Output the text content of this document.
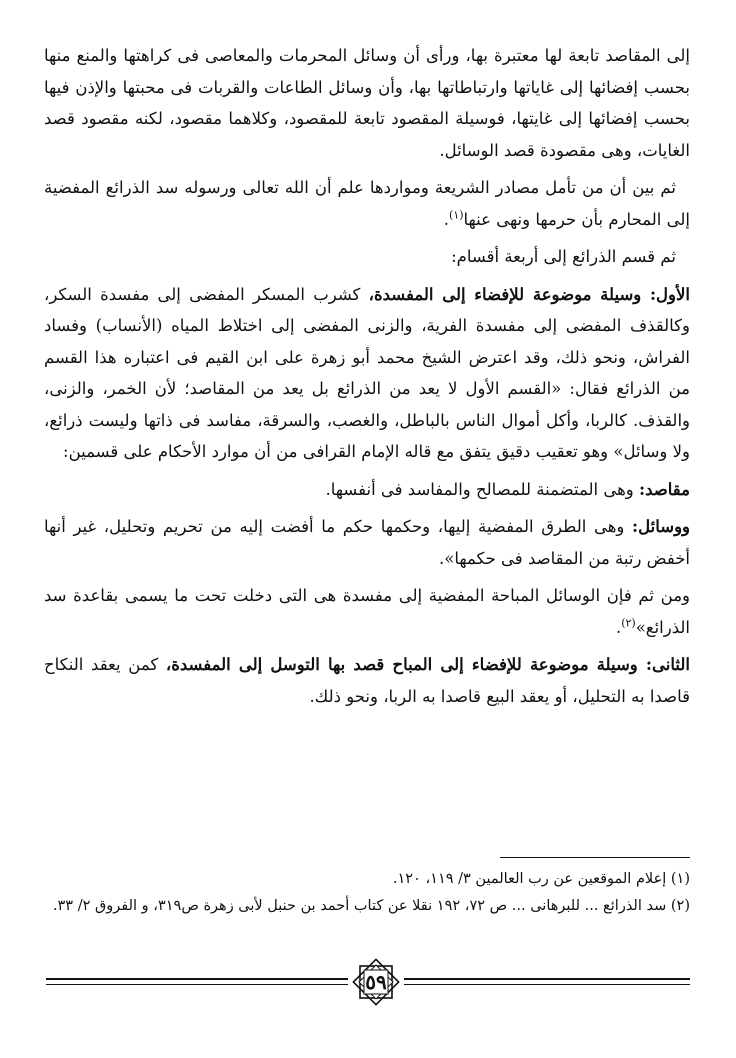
إلى المقاصد تابعة لها معتبرة بها، ورأى أن وسائل المحرمات والمعاصى فى كراهتها والمنع منها بحسب إفضائها إلى غاياتها وارتباطاتها بها، وأن وسائل الطاعات والقربات فى محبتها والإذن فيها بحسب إفضائها إلى غايتها، فوسيلة المقصود تابعة للمقصود، وكلاهما مقصود، لكنه مقصود قصد الغايات، وهى مقصودة قصد الوسائل.

ثم بين أن من تأمل مصادر الشريعة ومواردها علم أن الله تعالى ورسوله سد الذرائع المفضية إلى المحارم بأن حرمها ونهى عنها$^{(١)}$.

ثم قسم الذرائع إلى أربعة أقسام:

الأول: وسيلة موضوعة للإفضاء إلى المفسدة، كشرب المسكر المفضى إلى مفسدة السكر، وكالقذف المفضى إلى مفسدة الفرية، والزنى المفضى إلى اختلاط المياه (الأنساب) وفساد الفراش، ونحو ذلك، وقد اعترض الشيخ محمد أبو زهرة على ابن القيم فى اعتباره هذا القسم من الذرائع فقال: «القسم الأول لا يعد من الذرائع بل يعد من المقاصد؛ لأن الخمر، والزنى، والقذف. كالربا، وأكل أموال الناس بالباطل، والغصب، والسرقة، مفاسد فى ذاتها وليست ذرائع، ولا وسائل» وهو تعقيب دقيق يتفق مع قاله الإمام القرافى من أن موارد الأحكام على قسمين:

مقاصد: وهى المتضمنة للمصالح والمفاسد فى أنفسها.

ووسائل: وهى الطرق المفضية إليها، وحكمها حكم ما أفضت إليه من تحريم وتحليل، غير أنها أخفض رتبة من المقاصد فى حكمها».

ومن ثم فإن الوسائل المباحة المفضية إلى مفسدة هى التى دخلت تحت ما يسمى بقاعدة سد الذرائع»$^{(٢)}$.

الثانى: وسيلة موضوعة للإفضاء إلى المباح قصد بها التوسل إلى المفسدة، كمن يعقد النكاح قاصدا به التحليل، أو يعقد البيع قاصدا به الربا، ونحو ذلك.

(١) إعلام الموقعين عن رب العالمين ٣/ ١١٩، ١٢٠.

(٢) سد الذرائع ... للبرهانى ... ص ٧٢، ١٩٢ نقلا عن كتاب أحمد بن حنبل لأبى زهرة ص٣١٩، و الفروق ٢/ ٣٣.

٥٩
